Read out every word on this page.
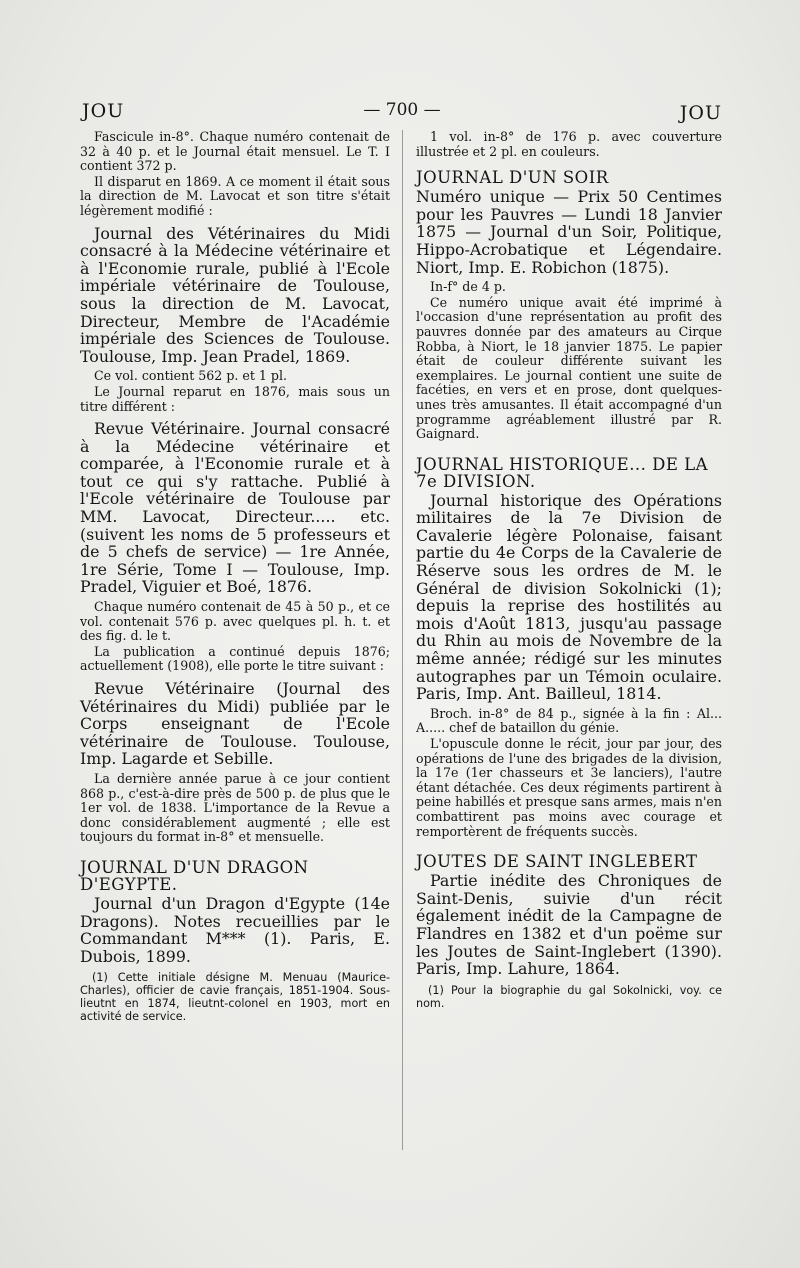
JOU	— 700 —	JOU

Fascicule in-8°. Chaque numéro contenait de 32 à 40 p. et le Journal était mensuel. Le T. I contient 372 p.

Il disparut en 1869. A ce moment il était sous la direction de M. Lavocat et son titre s'était légèrement modifié :

Journal des Vétérinaires du Midi consacré à la Médecine vétérinaire et à l'Economie rurale, publié à l'Ecole impériale vétérinaire de Toulouse, sous la direction de M. Lavocat, Directeur, Membre de l'Académie impériale des Sciences de Toulouse. Toulouse, Imp. Jean Pradel, 1869.

Ce vol. contient 562 p. et 1 pl.

Le Journal reparut en 1876, mais sous un titre différent :

Revue Vétérinaire. Journal consacré à la Médecine vétérinaire et comparée, à l'Economie rurale et à tout ce qui s'y rattache. Publié à l'Ecole vétérinaire de Toulouse par MM. Lavocat, Directeur..... etc. (suivent les noms de 5 professeurs et de 5 chefs de service) — 1re Année, 1re Série, Tome I — Toulouse, Imp. Pradel, Viguier et Boé, 1876.

Chaque numéro contenait de 45 à 50 p., et ce vol. contenait 576 p. avec quelques pl. h. t. et des fig. d. le t.

La publication a continué depuis 1876; actuellement (1908), elle porte le titre suivant :

Revue Vétérinaire (Journal des Vétérinaires du Midi) publiée par le Corps enseignant de l'Ecole vétérinaire de Toulouse. Toulouse, Imp. Lagarde et Sebille.

La dernière année parue à ce jour contient 868 p., c'est-à-dire près de 500 p. de plus que le 1er vol. de 1838. L'importance de la Revue a donc considérablement augmenté ; elle est toujours du format in-8° et mensuelle.

JOURNAL D'UN DRAGON D'EGYPTE.

Journal d'un Dragon d'Egypte (14e Dragons). Notes recueillies par le Commandant M*** (1). Paris, E. Dubois, 1899.

(1) Cette initiale désigne M. Menuau (Maurice-Charles), officier de cavie français, 1851-1904. Sous-lieutnt en 1874, lieutnt-colonel en 1903, mort en activité de service.

1 vol. in-8° de 176 p. avec couverture illustrée et 2 pl. en couleurs.

JOURNAL D'UN SOIR

Numéro unique — Prix 50 Centimes pour les Pauvres — Lundi 18 Janvier 1875 — Journal d'un Soir, Politique, Hippo-Acrobatique et Légendaire. Niort, Imp. E. Robichon (1875).

In-f° de 4 p.

Ce numéro unique avait été imprimé à l'occasion d'une représentation au profit des pauvres donnée par des amateurs au Cirque Robba, à Niort, le 18 janvier 1875. Le papier était de couleur différente suivant les exemplaires. Le journal contient une suite de facéties, en vers et en prose, dont quelques-unes très amusantes. Il était accompagné d'un programme agréablement illustré par R. Gaignard.

JOURNAL HISTORIQUE... DE LA 7e DIVISION.

Journal historique des Opérations militaires de la 7e Division de Cavalerie légère Polonaise, faisant partie du 4e Corps de la Cavalerie de Réserve sous les ordres de M. le Général de division Sokolnicki (1); depuis la reprise des hostilités au mois d'Août 1813, jusqu'au passage du Rhin au mois de Novembre de la même année; rédigé sur les minutes autographes par un Témoin oculaire. Paris, Imp. Ant. Bailleul, 1814.

Broch. in-8° de 84 p., signée à la fin : Al... A..... chef de bataillon du génie.

L'opuscule donne le récit, jour par jour, des opérations de l'une des brigades de la division, la 17e (1er chasseurs et 3e lanciers), l'autre étant détachée. Ces deux régiments partirent à peine habillés et presque sans armes, mais n'en combattirent pas moins avec courage et remportèrent de fréquents succès.

JOUTES DE SAINT INGLEBERT

Partie inédite des Chroniques de Saint-Denis, suivie d'un récit également inédit de la Campagne de Flandres en 1382 et d'un poëme sur les Joutes de Saint-Inglebert (1390). Paris, Imp. Lahure, 1864.

(1) Pour la biographie du gal Sokolnicki, voy. ce nom.
